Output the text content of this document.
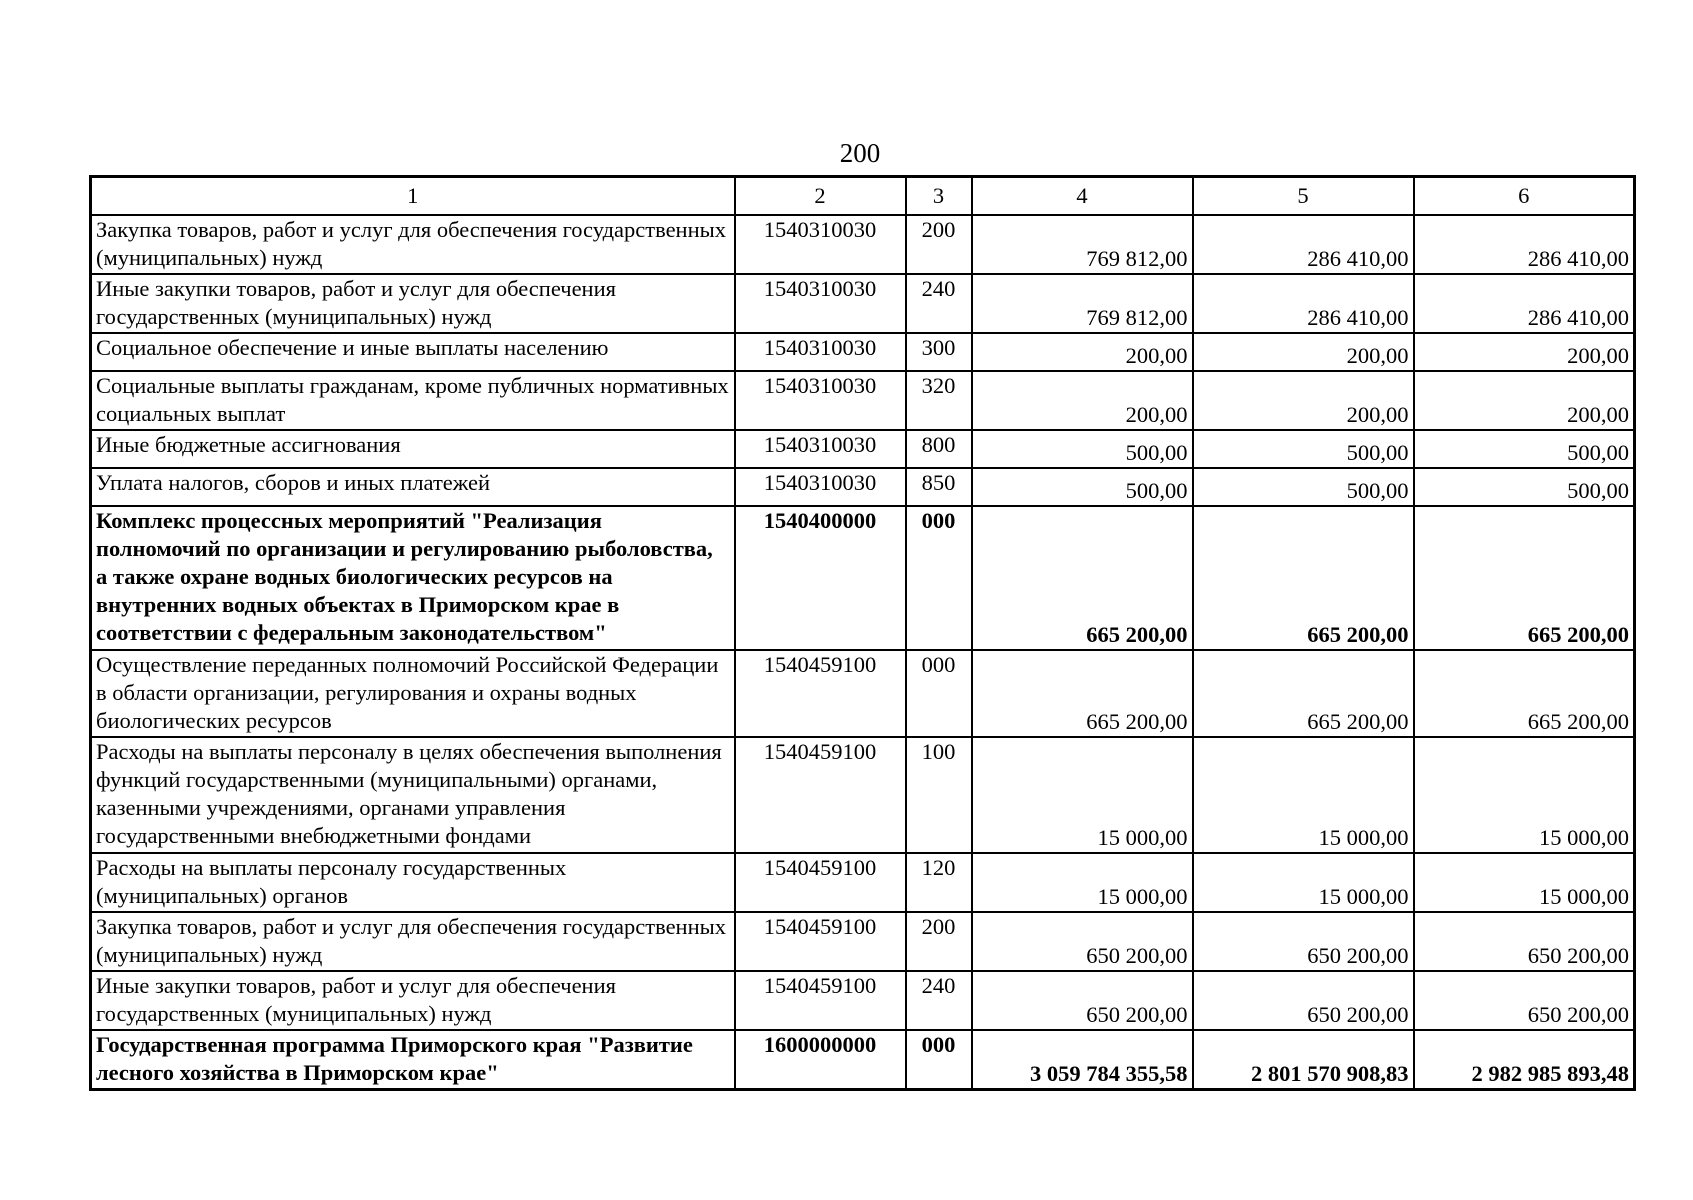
200
1	2	3	4	5	6
Закупка товаров, работ и услуг для обеспечения государственных (муниципальных) нужд	1540310030	200	769 812,00	286 410,00	286 410,00
Иные закупки товаров, работ и услуг для обеспечения государственных (муниципальных) нужд	1540310030	240	769 812,00	286 410,00	286 410,00
Социальное обеспечение и иные выплаты населению	1540310030	300	200,00	200,00	200,00
Социальные выплаты гражданам, кроме публичных нормативных социальных выплат	1540310030	320	200,00	200,00	200,00
Иные бюджетные ассигнования	1540310030	800	500,00	500,00	500,00
Уплата налогов, сборов и иных платежей	1540310030	850	500,00	500,00	500,00
Комплекс процессных мероприятий "Реализация полномочий по организации и регулированию рыболовства, а также охране водных биологических ресурсов на внутренних водных объектах в Приморском крае в соответствии с федеральным законодательством"	1540400000	000	665 200,00	665 200,00	665 200,00
Осуществление переданных полномочий Российской Федерации в области организации, регулирования и охраны водных биологических ресурсов	1540459100	000	665 200,00	665 200,00	665 200,00
Расходы на выплаты персоналу в целях обеспечения выполнения функций государственными (муниципальными) органами, казенными учреждениями, органами управления государственными внебюджетными фондами	1540459100	100	15 000,00	15 000,00	15 000,00
Расходы на выплаты персоналу государственных (муниципальных) органов	1540459100	120	15 000,00	15 000,00	15 000,00
Закупка товаров, работ и услуг для обеспечения государственных (муниципальных) нужд	1540459100	200	650 200,00	650 200,00	650 200,00
Иные закупки товаров, работ и услуг для обеспечения государственных (муниципальных) нужд	1540459100	240	650 200,00	650 200,00	650 200,00
Государственная программа Приморского края "Развитие лесного хозяйства в Приморском крае"	1600000000	000	3 059 784 355,58	2 801 570 908,83	2 982 985 893,48
